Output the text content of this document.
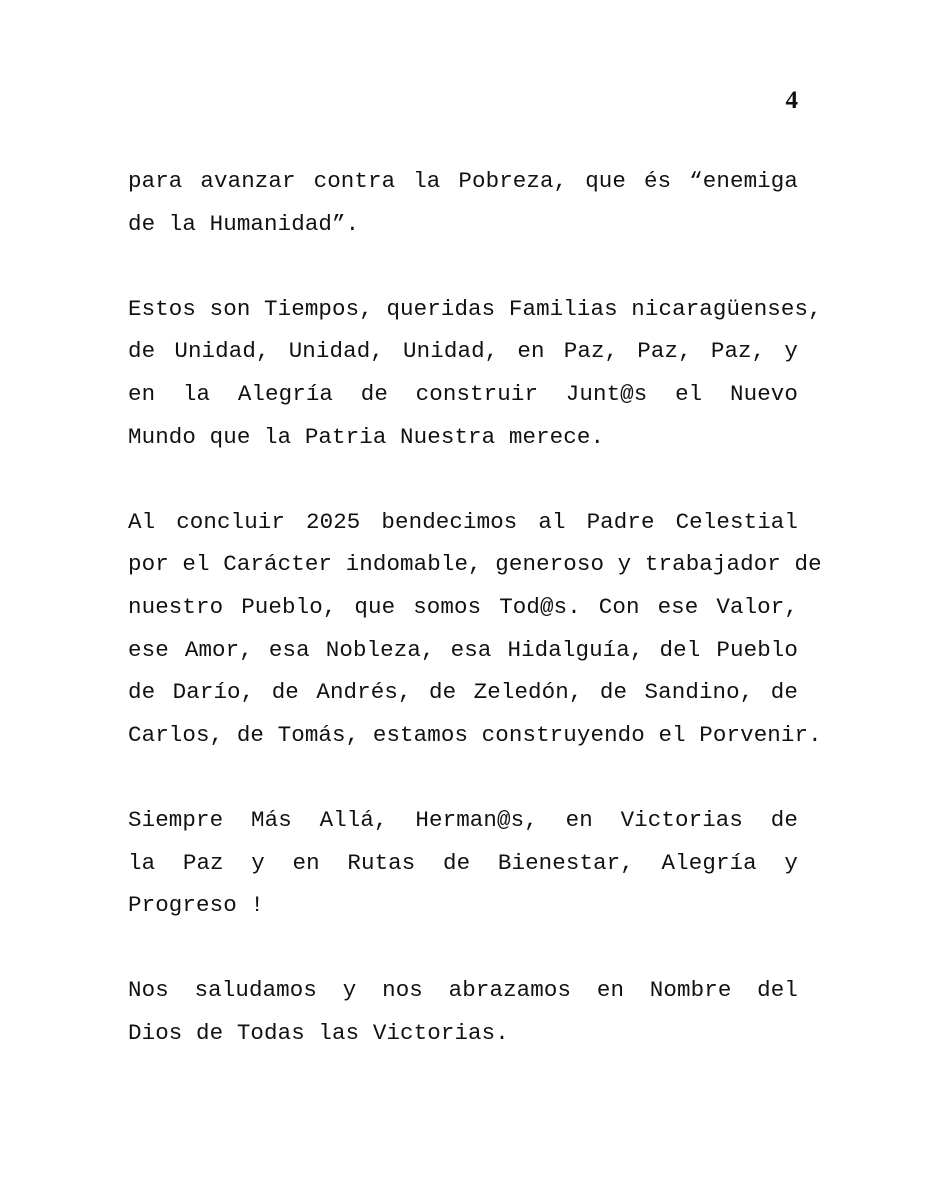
4

para avanzar contra la Pobreza, que és “enemiga
de la Humanidad”.

Estos son Tiempos, queridas Familias nicaragüenses,
de Unidad, Unidad, Unidad, en Paz, Paz, Paz, y
en la Alegría de construir Junt@s el Nuevo
Mundo que la Patria Nuestra merece.

Al concluir 2025 bendecimos al Padre Celestial
por el Carácter indomable, generoso y trabajador de
nuestro Pueblo, que somos Tod@s. Con ese Valor,
ese Amor, esa Nobleza, esa Hidalguía, del Pueblo
de Darío, de Andrés, de Zeledón, de Sandino, de
Carlos, de Tomás, estamos construyendo el Porvenir.

Siempre Más Allá, Herman@s, en Victorias de
la Paz y en Rutas de Bienestar, Alegría y
Progreso !

Nos saludamos y nos abrazamos en Nombre del
Dios de Todas las Victorias.
